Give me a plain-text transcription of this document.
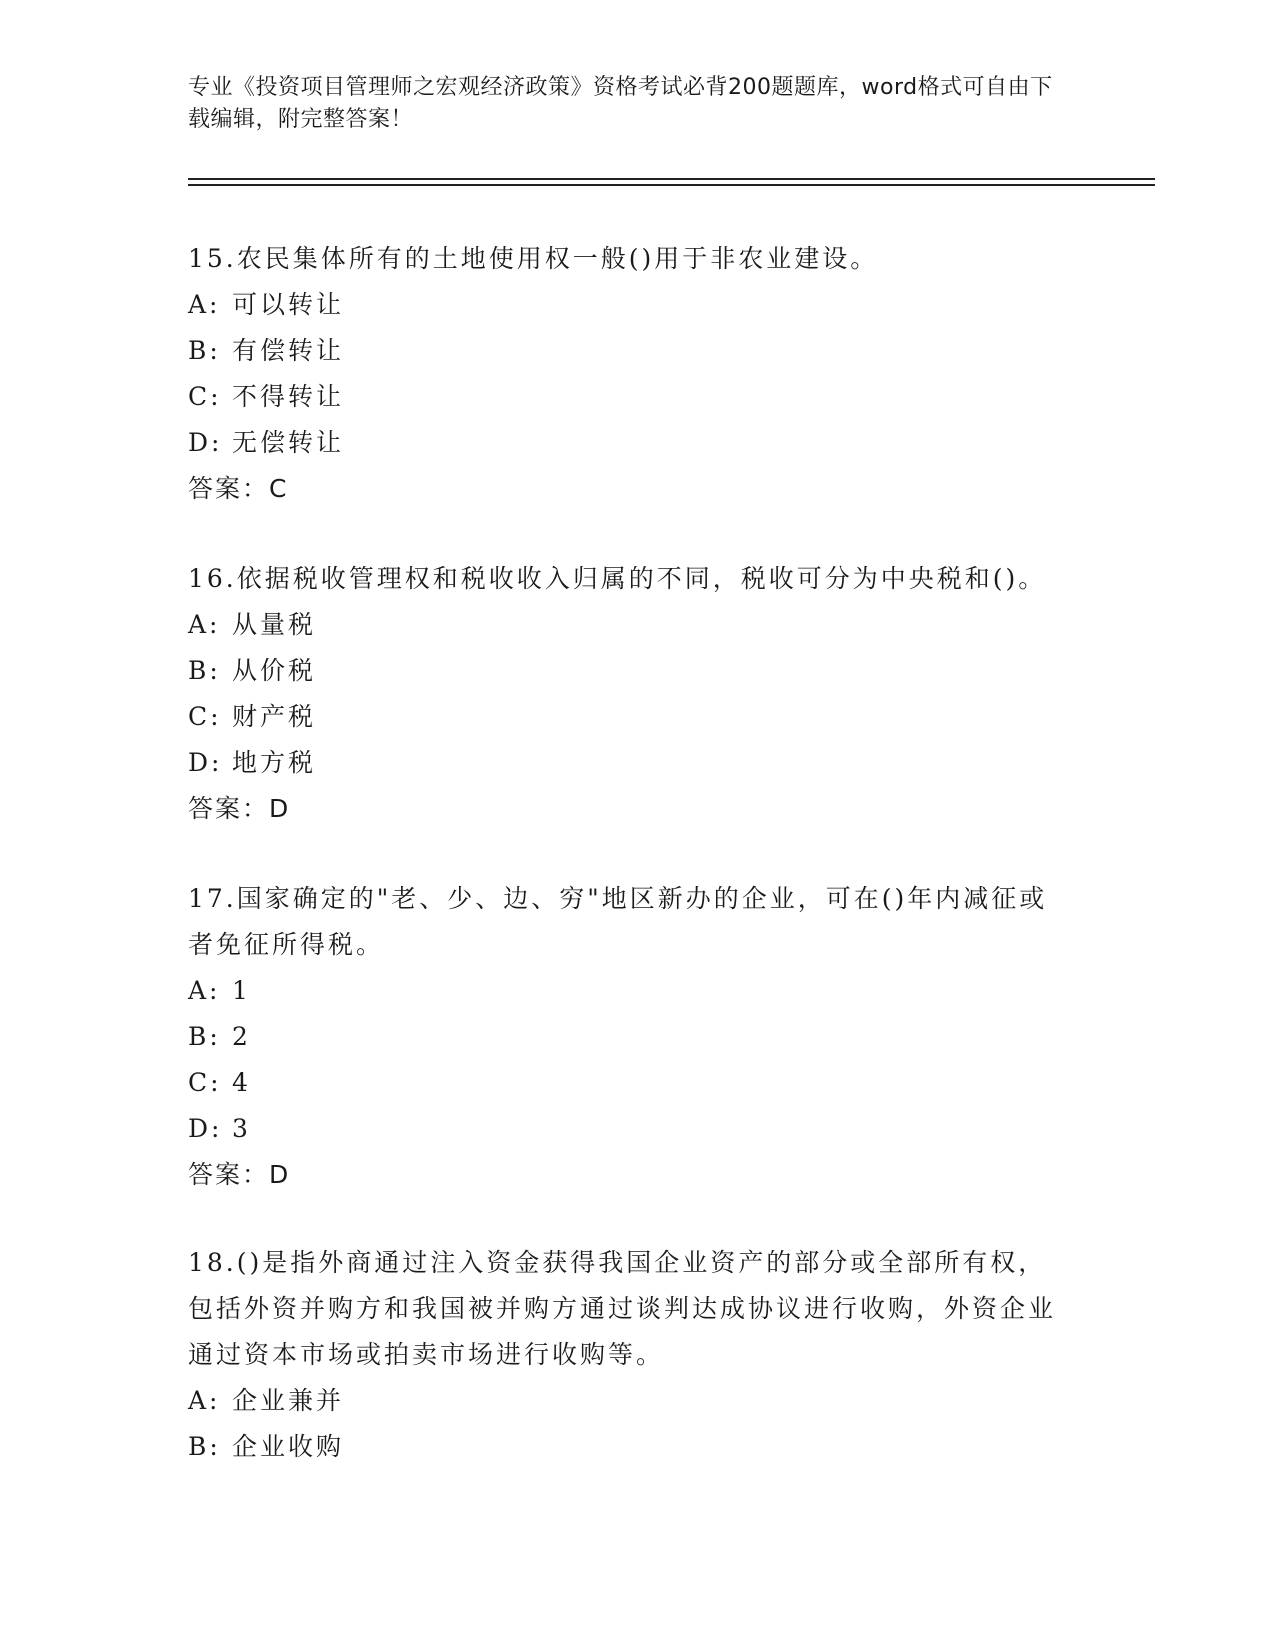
专业《投资项目管理师之宏观经济政策》资格考试必背200题题库，word格式可自由下载编辑，附完整答案！

15.农民集体所有的土地使用权一般()用于非农业建设。

A: 可以转让
B: 有偿转让
C: 不得转让
D: 无偿转让
答案：C

16.依据税收管理权和税收收入归属的不同，税收可分为中央税和()。

A: 从量税
B: 从价税
C: 财产税
D: 地方税
答案：D

17.国家确定的"老、少、边、穷"地区新办的企业，可在()年内减征或者免征所得税。

A: 1
B: 2
C: 4
D: 3
答案：D

18.()是指外商通过注入资金获得我国企业资产的部分或全部所有权，包括外资并购方和我国被并购方通过谈判达成协议进行收购，外资企业通过资本市场或拍卖市场进行收购等。

A: 企业兼并
B: 企业收购
